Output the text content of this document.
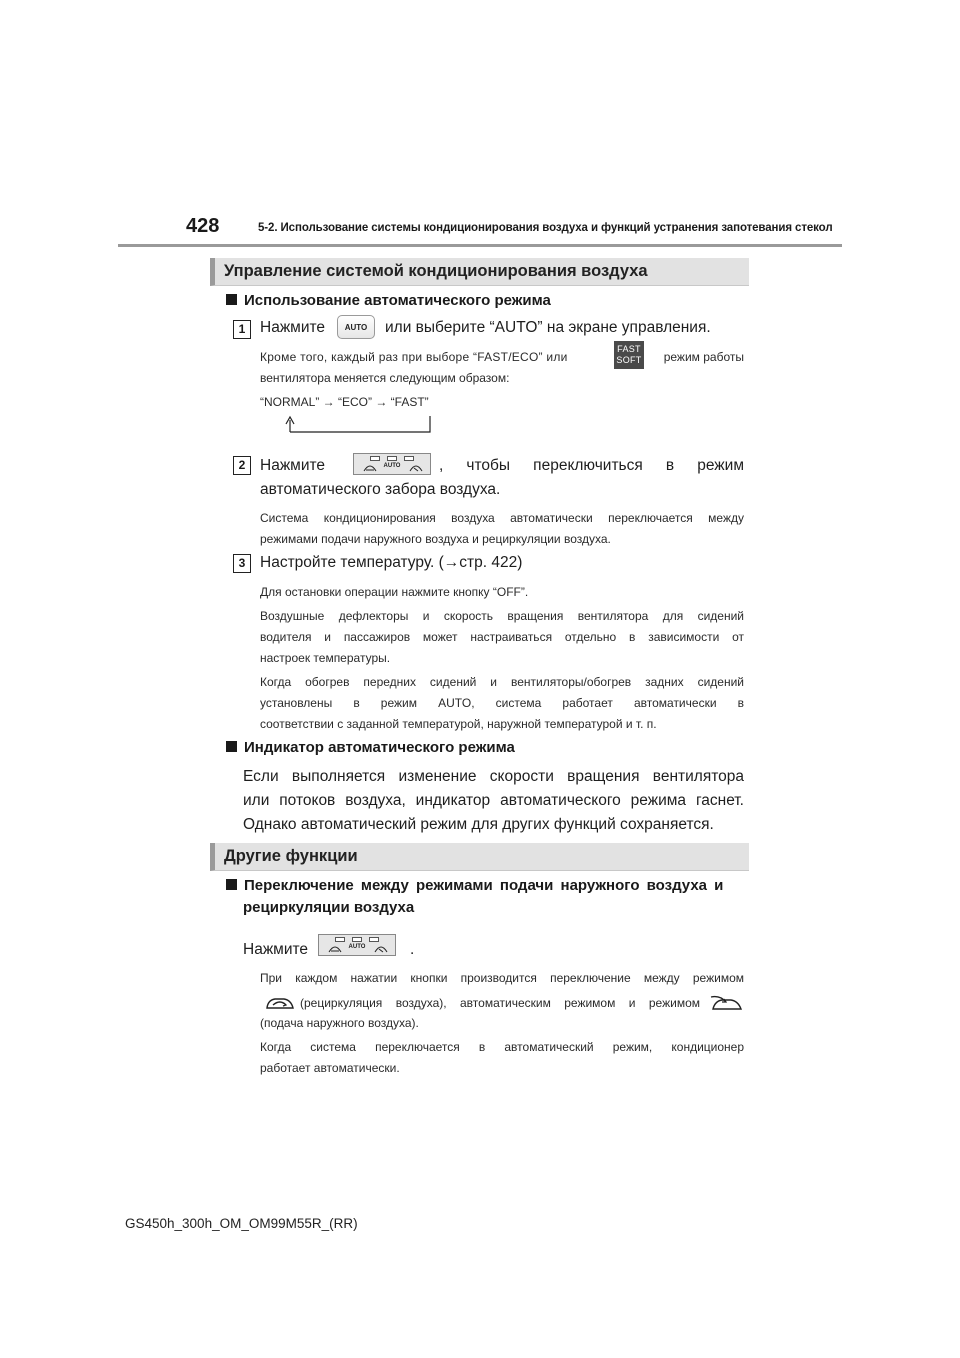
428	5-2. Использование системы кондиционирования воздуха и функций устранения запотевания стекол
Управление системой кондиционирования воздуха
Использование автоматического режима
1 Нажмите	AUTO	или выберите “AUTO” на экране управления.
Кроме того, каждый раз при выборе “FAST/ECO” или
FAST
SOFT	режим работы
вентилятора меняется следующим образом:
“NORMAL” → “ECO” → “FAST”
2 Нажмите	AUTO	, чтобы переключиться в режим
автоматического забора воздуха.
Система кондиционирования воздуха автоматически переключается между
режимами подачи наружного воздуха и рециркуляции воздуха.
3 Настройте температуру. (→стр. 422)
Для остановки операции нажмите кнопку “OFF”.
Воздушные дефлекторы и скорость вращения вентилятора для сидений
водителя и пассажиров может настраиваться отдельно в зависимости от
настроек температуры.
Когда обогрев передних сидений и вентиляторы/обогрев задних сидений
установлены в режим AUTO, система работает автоматически в
соответствии с заданной температурой, наружной температурой и т. п.
Индикатор автоматического режима
Если выполняется изменение скорости вращения вентилятора
или потоков воздуха, индикатор автоматического режима гаснет.
Однако автоматический режим для других функций сохраняется.
Другие функции
Переключение между режимами подачи наружного воздуха и
рециркуляции воздуха
Нажмите	AUTO	.
При каждом нажатии кнопки производится переключение между режимом
(рециркуляция воздуха), автоматическим режимом и режимом
(подача наружного воздуха).
Когда система переключается в автоматический режим, кондиционер
работает автоматически.
GS450h_300h_OM_OM99M55R_(RR)
